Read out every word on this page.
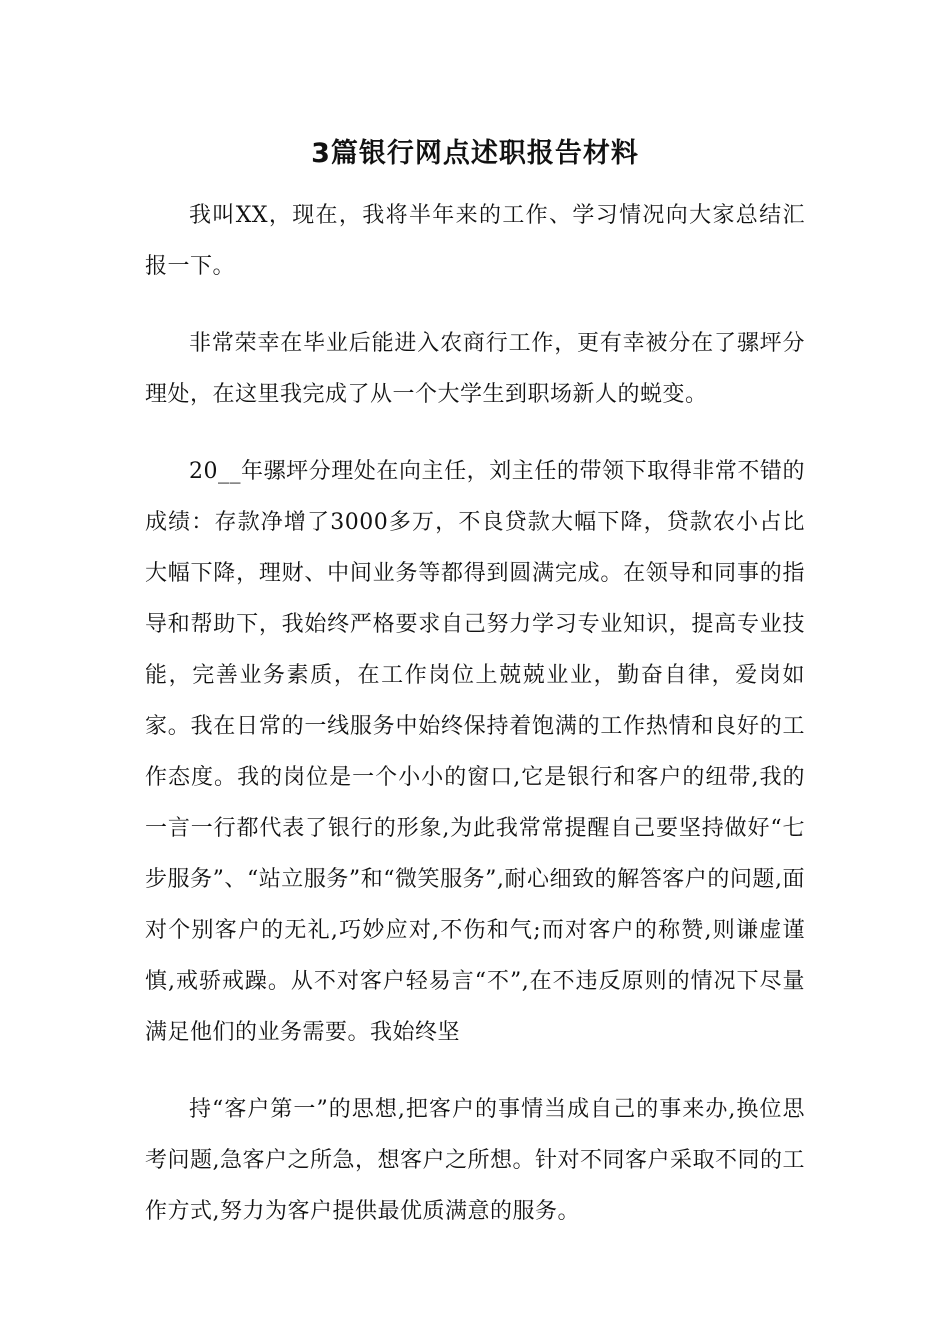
3篇银行网点述职报告材料

我叫XX，现在，我将半年来的工作、学习情况向大家总结汇报一下。

非常荣幸在毕业后能进入农商行工作，更有幸被分在了骡坪分理处，在这里我完成了从一个大学生到职场新人的蜕变。

20__年骡坪分理处在向主任，刘主任的带领下取得非常不错的成绩：存款净增了3000多万，不良贷款大幅下降，贷款农小占比大幅下降，理财、中间业务等都得到圆满完成。在领导和同事的指导和帮助下，我始终严格要求自己努力学习专业知识，提高专业技能，完善业务素质，在工作岗位上兢兢业业，勤奋自律，爱岗如家。我在日常的一线服务中始终保持着饱满的工作热情和良好的工作态度。我的岗位是一个小小的窗口,它是银行和客户的纽带,我的一言一行都代表了银行的形象,为此我常常提醒自己要坚持做好“七步服务”、“站立服务”和“微笑服务”,耐心细致的解答客户的问题,面对个别客户的无礼,巧妙应对,不伤和气;而对客户的称赞,则谦虚谨慎,戒骄戒躁。从不对客户轻易言“不”,在不违反原则的情况下尽量满足他们的业务需要。我始终坚

持“客户第一”的思想,把客户的事情当成自己的事来办,换位思考问题,急客户之所急，想客户之所想。针对不同客户采取不同的工作方式,努力为客户提供最优质满意的服务。
